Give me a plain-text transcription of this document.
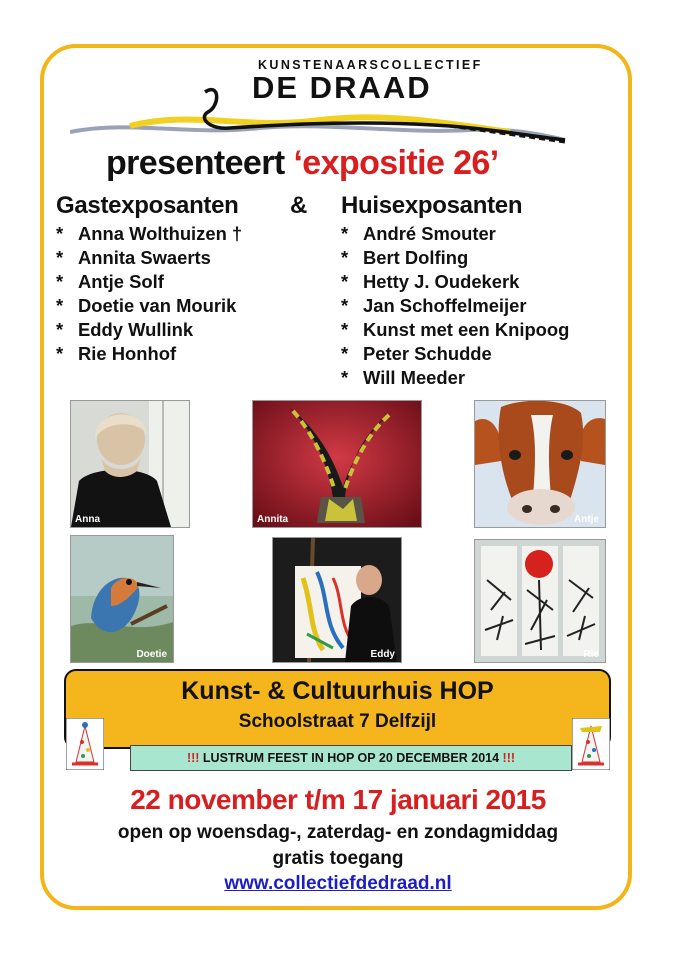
KUNSTENAARSCOLLECTIEF
DE DRAAD
presenteert ‘expositie 26’
Gastexposanten & Huisexposanten
* Anna Wolthuizen †
* Annita Swaerts
* Antje Solf
* Doetie van Mourik
* Eddy Wullink
* Rie Honhof
* André Smouter
* Bert Dolfing
* Hetty J. Oudekerk
* Jan Schoffelmeijer
* Kunst met een Knipoog
* Peter Schudde
* Will Meeder
Anna	Annita	Antje
Doetie	Eddy	Rie
Kunst- & Cultuurhuis HOP
Schoolstraat 7 Delfzijl
!!! LUSTRUM FEEST IN HOP OP 20 DECEMBER 2014 !!!
22 november t/m 17 januari 2015
open op woensdag-, zaterdag- en zondagmiddag
gratis toegang
www.collectiefdedraad.nl
